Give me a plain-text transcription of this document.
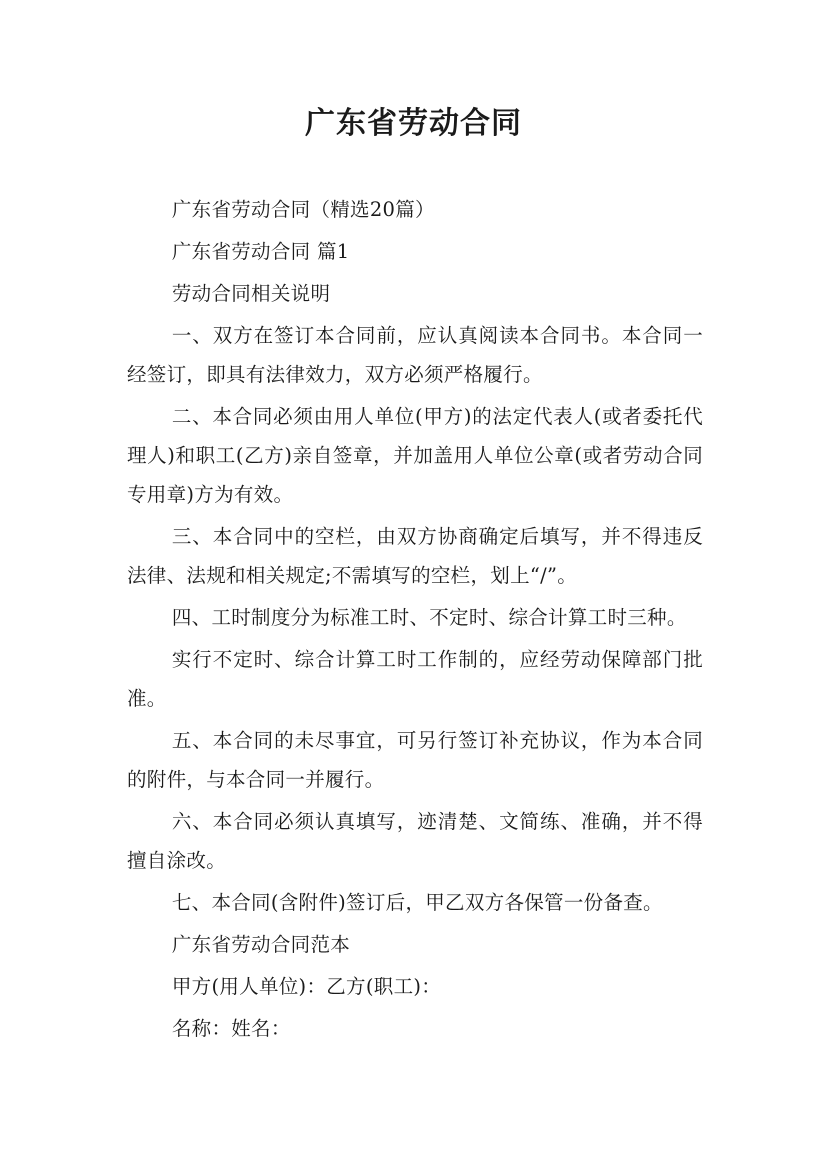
广东省劳动合同

广东省劳动合同（精选20篇）

广东省劳动合同 篇1

劳动合同相关说明

一、双方在签订本合同前，应认真阅读本合同书。本合同一经签订，即具有法律效力，双方必须严格履行。

二、本合同必须由用人单位(甲方)的法定代表人(或者委托代理人)和职工(乙方)亲自签章，并加盖用人单位公章(或者劳动合同专用章)方为有效。

三、本合同中的空栏，由双方协商确定后填写，并不得违反法律、法规和相关规定;不需填写的空栏，划上“/”。

四、工时制度分为标准工时、不定时、综合计算工时三种。

实行不定时、综合计算工时工作制的，应经劳动保障部门批准。

五、本合同的未尽事宜，可另行签订补充协议，作为本合同的附件，与本合同一并履行。

六、本合同必须认真填写，迹清楚、文简练、准确，并不得擅自涂改。

七、本合同(含附件)签订后，甲乙双方各保管一份备查。

广东省劳动合同范本

甲方(用人单位)：乙方(职工)：

名称：姓名：
